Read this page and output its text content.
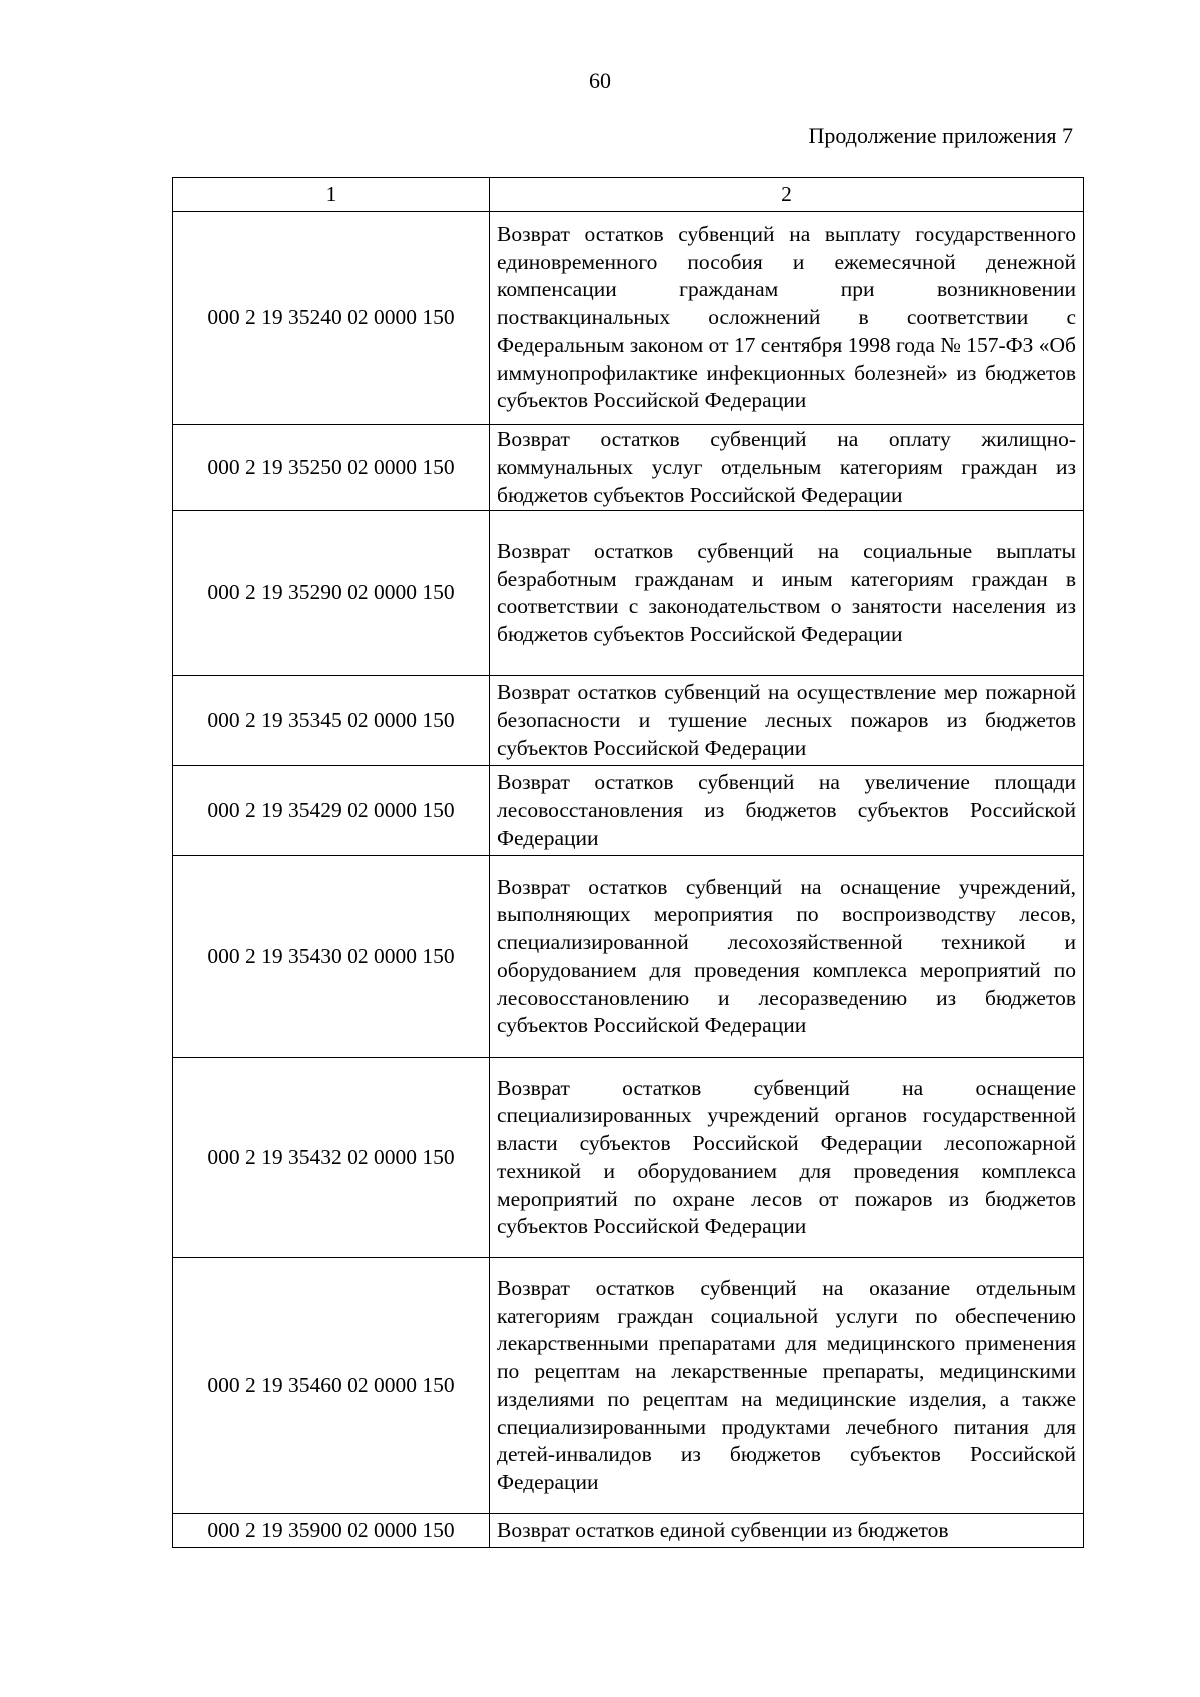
60
Продолжение приложения 7
1	2
000 2 19 35240 02 0000 150	Возврат остатков субвенций на выплату государственного единовременного пособия и ежемесячной денежной компенсации гражданам при возникновении поствакцинальных осложнений в соответствии с Федеральным законом от 17 сентября 1998 года № 157-ФЗ «Об иммунопрофилактике инфекционных болезней» из бюджетов субъектов Российской Федерации
000 2 19 35250 02 0000 150	Возврат остатков субвенций на оплату жилищно-коммунальных услуг отдельным категориям граждан из бюджетов субъектов Российской Федерации
000 2 19 35290 02 0000 150	Возврат остатков субвенций на социальные выплаты безработным гражданам и иным категориям граждан в соответствии с законодательством о занятости населения из бюджетов субъектов Российской Федерации
000 2 19 35345 02 0000 150	Возврат остатков субвенций на осуществление мер пожарной безопасности и тушение лесных пожаров из бюджетов субъектов Российской Федерации
000 2 19 35429 02 0000 150	Возврат остатков субвенций на увеличение площади лесовосстановления из бюджетов субъектов Российской Федерации
000 2 19 35430 02 0000 150	Возврат остатков субвенций на оснащение учреждений, выполняющих мероприятия по воспроизводству лесов, специализированной лесохозяйственной техникой и оборудованием для проведения комплекса мероприятий по лесовосстановлению и лесоразведению из бюджетов субъектов Российской Федерации
000 2 19 35432 02 0000 150	Возврат остатков субвенций на оснащение специализированных учреждений органов государственной власти субъектов Российской Федерации лесопожарной техникой и оборудованием для проведения комплекса мероприятий по охране лесов от пожаров из бюджетов субъектов Российской Федерации
000 2 19 35460 02 0000 150	Возврат остатков субвенций на оказание отдельным категориям граждан социальной услуги по обеспечению лекарственными препаратами для медицинского применения по рецептам на лекарственные препараты, медицинскими изделиями по рецептам на медицинские изделия, а также специализированными продуктами лечебного питания для детей-инвалидов из бюджетов субъектов Российской Федерации
000 2 19 35900 02 0000 150	Возврат остатков единой субвенции из бюджетов
